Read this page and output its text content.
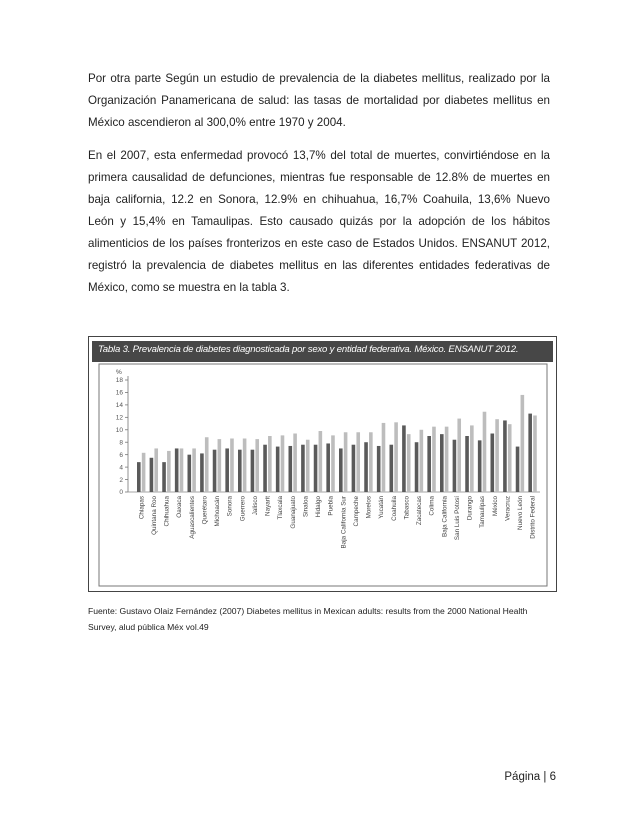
Por otra parte Según un estudio de prevalencia de la diabetes mellitus, realizado por la Organización Panamericana de salud: las tasas de mortalidad por diabetes mellitus en México ascendieron al 300,0% entre 1970 y 2004.

En el 2007, esta enfermedad provocó 13,7% del total de muertes, convirtiéndose en la primera causalidad de defunciones, mientras fue responsable de 12.8% de muertes en baja california, 12.2 en Sonora, 12.9% en chihuahua, 16,7% Coahuila, 13,6% Nuevo León y 15,4% en Tamaulipas. Esto causado quizás por la adopción de los hábitos alimenticios de los países fronterizos en este caso de Estados Unidos. ENSANUT 2012, registró la prevalencia de diabetes mellitus en las diferentes entidades federativas de México, como se muestra en la tabla 3.

Tabla 3. Prevalencia de diabetes diagnosticada por sexo y entidad federativa. México. ENSANUT 2012.
%
0
2
4
6
8
10
12
14
16
18
Chiapas Quintana Roo Chihuahua Oaxaca Aguascalientes Querétaro Michoacán Sonora Guerrero Jalisco Nayarit Tlaxcala Guanajuato Sinaloa Hidalgo Puebla Baja California Sur Campeche Morelos Yucatán Coahuila Tabasco Zacatecas Colima Baja California San Luis Potosí Durango Tamaulipas México Veracruz Nuevo León Distrito Federal

Fuente: Gustavo Olaiz Fernández (2007) Diabetes mellitus in Mexican adults: results from the 2000 National Health Survey, alud pública Méx vol.49

Página | 6
